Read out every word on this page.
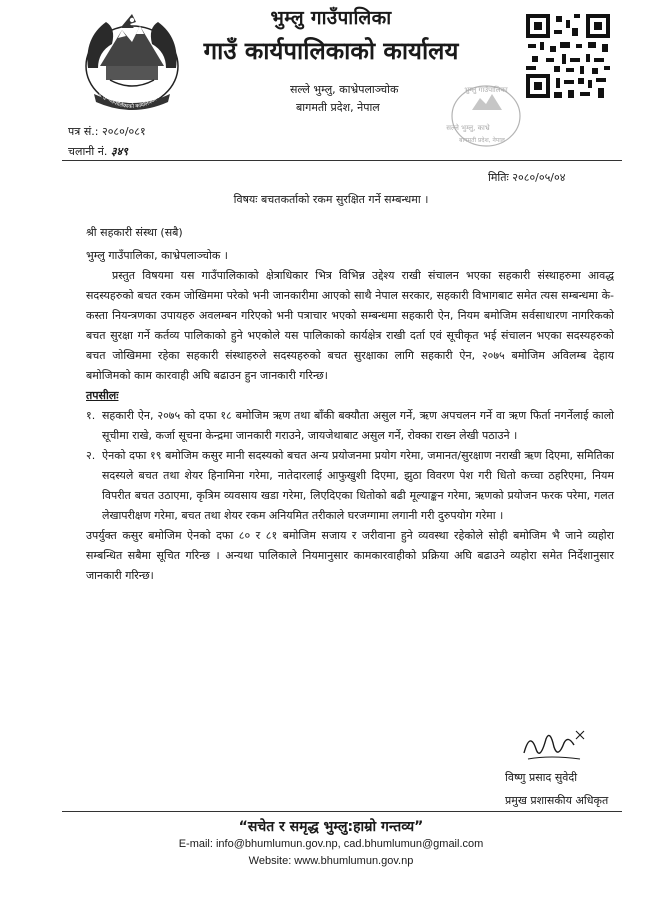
भुम्लु गाउँपालिकाको कार्यालयको लोगो
भुम्लु गाउँपालिका
गाउँ कार्यपालिकाको कार्यालय
सल्ले भुम्लु, काभ्रेपलाञ्चोक
बागमती प्रदेश, नेपाल
भुम्लु गाउँपालिका
सल्ले भुम्लु, काभ्रे
बागमती प्रदेश, नेपाल
पत्र सं.: २०८०/०८१
चलानी नं. ३४९
मितिः २०८०/०५/०४
विषयः बचतकर्ताको रकम सुरक्षित गर्ने सम्बन्धमा ।
श्री सहकारी संस्था (सबै)
भुम्लु गाउँपालिका, काभ्रेपलाञ्चोक ।

प्रस्तुत विषयमा यस गाउँपालिकाको क्षेत्राधिकार भित्र विभिन्न उद्देश्य राखी संचालन भएका सहकारी संस्थाहरुमा आवद्ध सदस्यहरुको बचत रकम जोखिममा परेको भनी जानकारीमा आएको साथै नेपाल सरकार, सहकारी विभागबाट समेत त्यस सम्बन्धमा के-कस्ता नियन्त्रणका उपायहरु अवलम्बन गरिएको भनी पत्राचार भएको सम्बन्धमा सहकारी ऐन, नियम बमोजिम सर्वसाधारण नागरिकको बचत सुरक्षा गर्ने कर्तव्य पालिकाको हुने भएकोले यस पालिकाको कार्यक्षेत्र राखी दर्ता एवं सूचीकृत भई संचालन भएका सदस्यहरुको बचत जोखिममा रहेका सहकारी संस्थाहरुले सदस्यहरुको बचत सुरक्षाका लागि सहकारी ऐन, २०७५ बमोजिम अविलम्ब देहाय बमोजिमको काम कारवाही अघि बढाउन हुन जानकारी गरिन्छ।

तपसीलः

१. सहकारी ऐन, २०७५ को दफा १८ बमोजिम ऋण तथा बाँकी बक्यौता असुल गर्ने, ऋण अपचलन गर्ने वा ऋण फिर्ता नगर्नेलाई कालो सूचीमा राखे, कर्जा सूचना केन्द्रमा जानकारी गराउने, जायजेथाबाट असुल गर्ने, रोक्का राख्न लेखी पठाउने ।
२. ऐनको दफा १९ बमोजिम कसुर मानी सदस्यको बचत अन्य प्रयोजनमा प्रयोग गरेमा, जमानत/सुरक्षाण नराखी ऋण दिएमा, समितिका सदस्यले बचत तथा शेयर हिनामिना गरेमा, नातेदारलाई आफुखुशी दिएमा, झुठा विवरण पेश गरी धितो कच्चा ठहरिएमा, नियम विपरीत बचत उठाएमा, कृत्रिम व्यवसाय खडा गरेमा, लिएदिएका धितोको बढी मूल्याङ्कन गरेमा, ऋणको प्रयोजन फरक परेमा, गलत लेखापरीक्षण गरेमा, बचत तथा शेयर रकम अनियमित तरीकाले घरजग्गामा लगानी गरी दुरुपयोग गरेमा ।

उपर्युक्त कसुर बमोजिम ऐनको दफा ८० र ८१ बमोजिम सजाय र जरीवाना हुने व्यवस्था रहेकोले सोही बमोजिम भै जाने व्यहोरा सम्बन्धित सबैमा सूचित गरिन्छ । अन्यथा पालिकाले नियमानुसार कामकारवाहीको प्रक्रिया अघि बढाउने व्यहोरा समेत निर्देशानुसार जानकारी गरिन्छ।

विष्णु प्रसाद सुवेदी
प्रमुख प्रशासकीय अधिकृत
“सचेत र समृद्ध भुम्लु:हाम्रो गन्तव्य”
E-mail: info@bhumlumun.gov.np, cad.bhumlumun@gmail.com
Website: www.bhumlumun.gov.np
